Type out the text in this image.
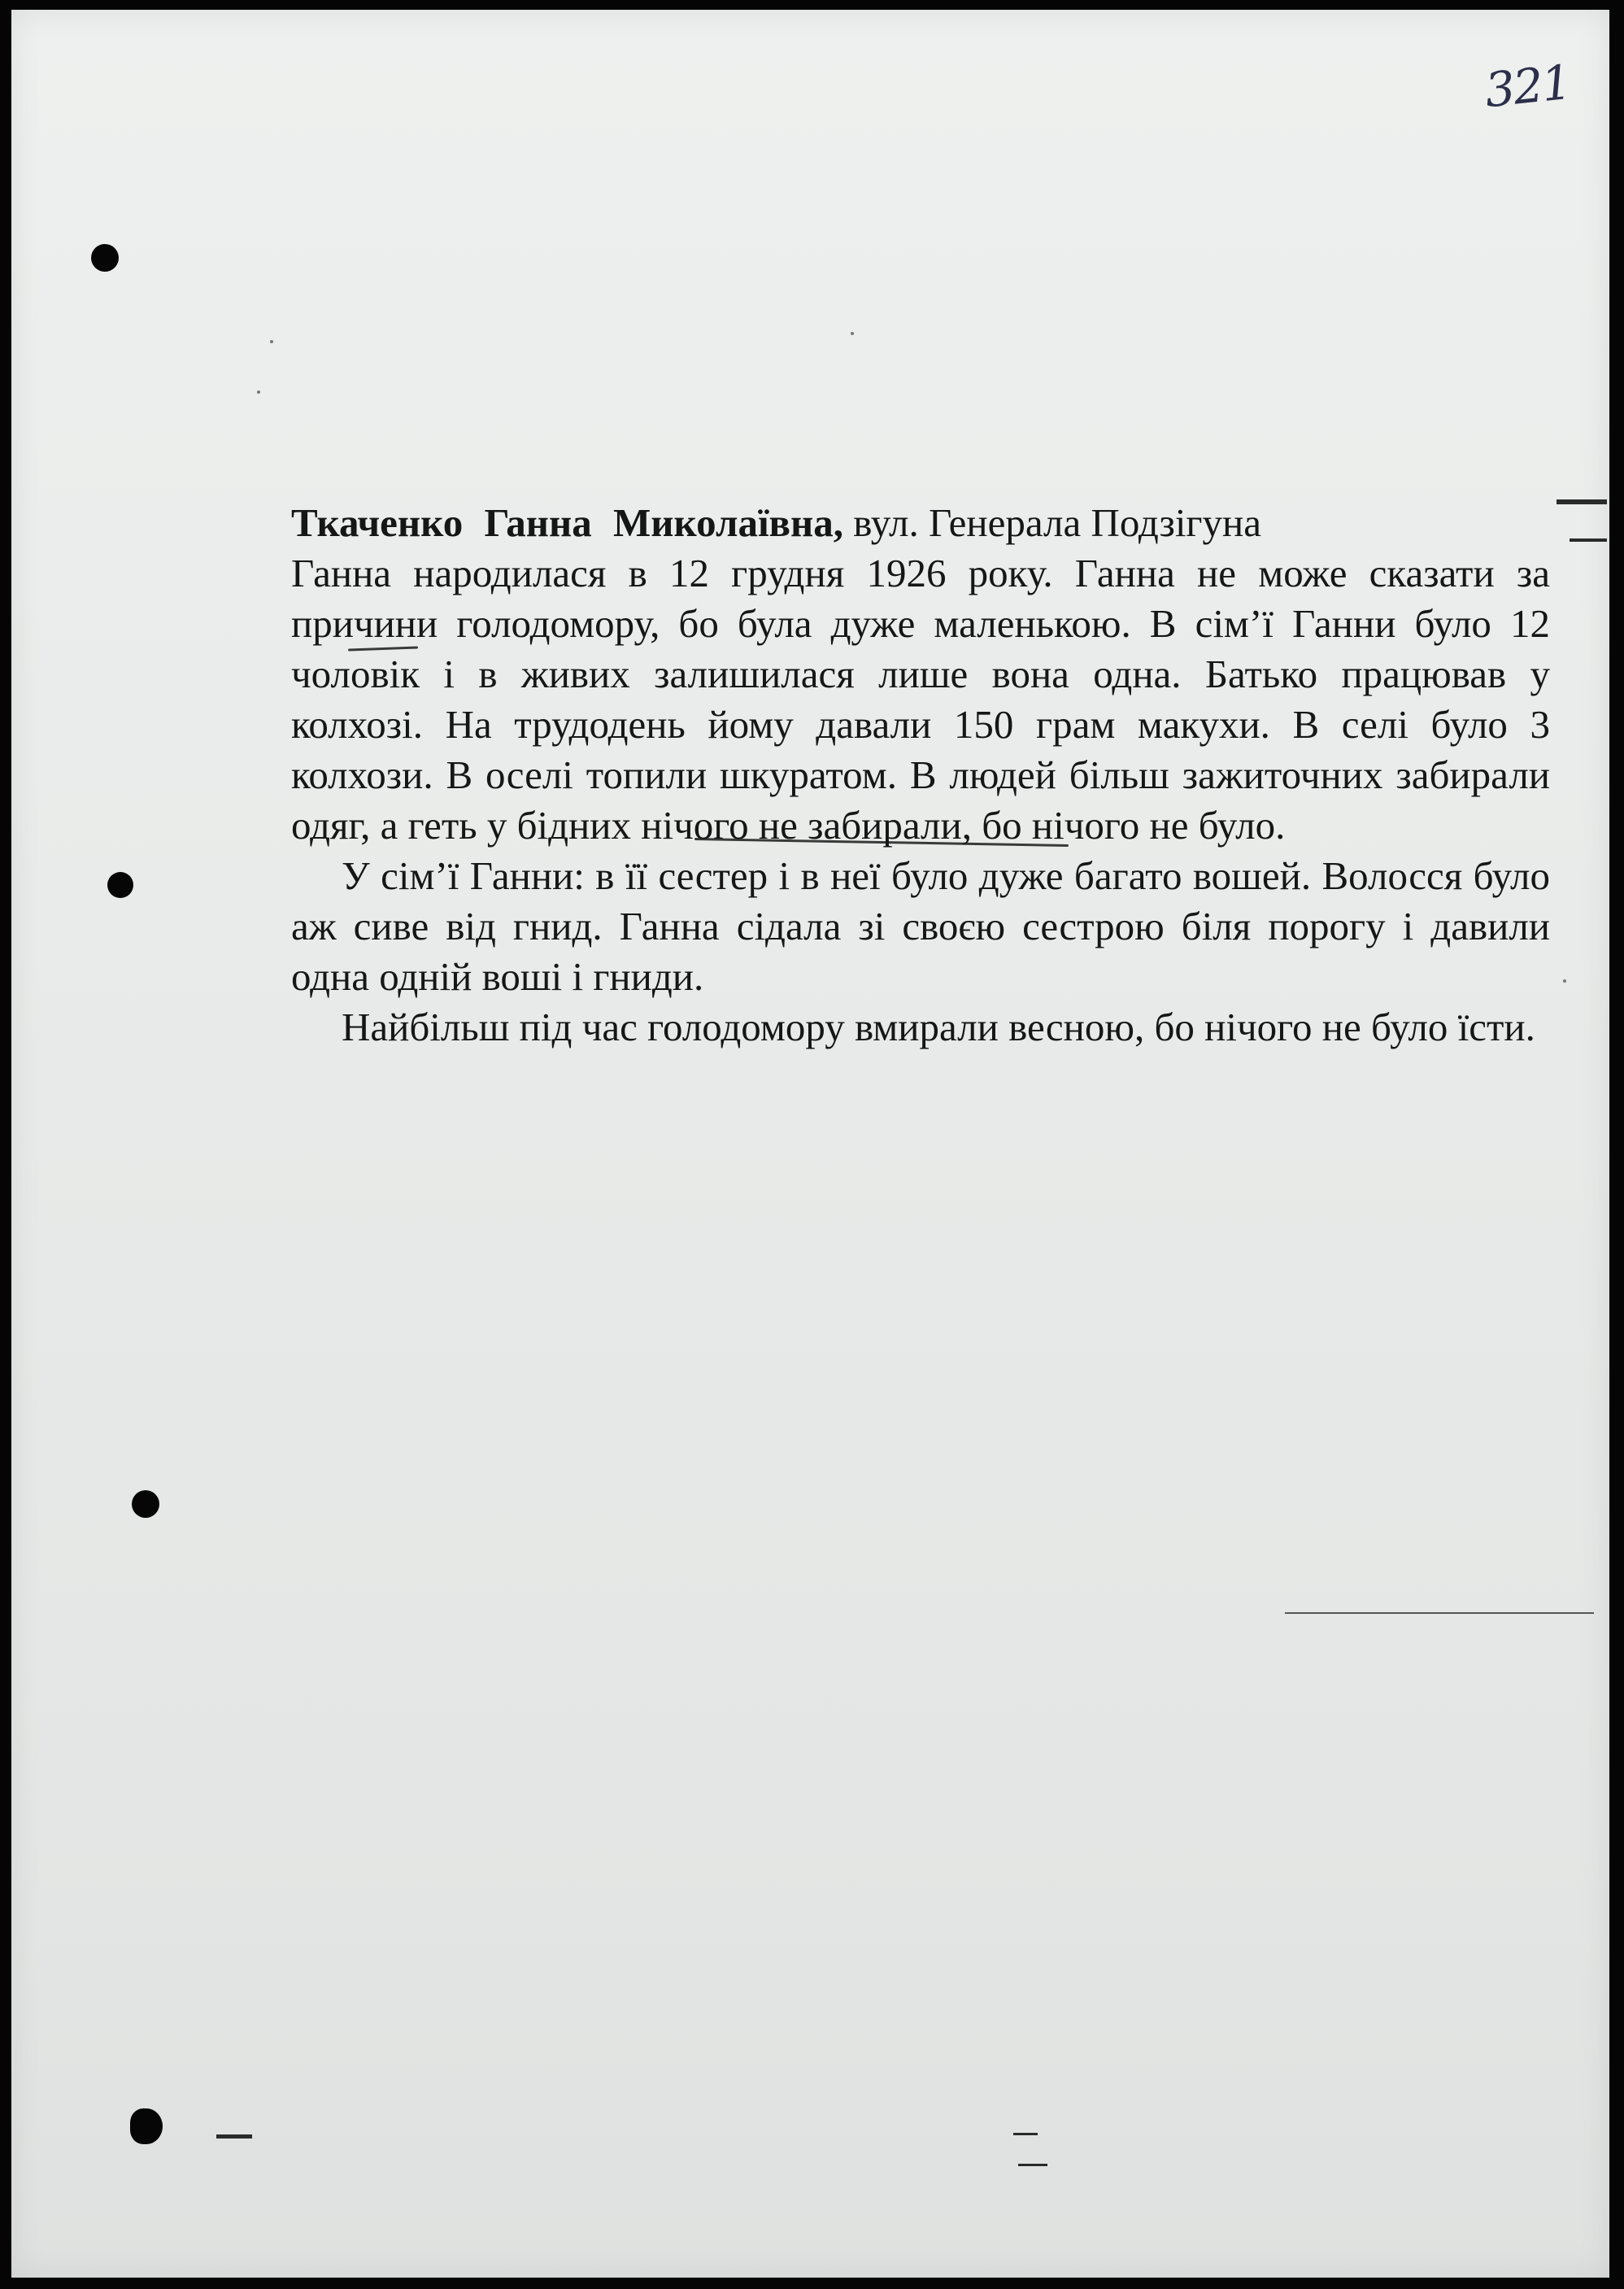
321

Ткаченко Ганна Миколаївна, вул. Генерала Подзігуна

Ганна народилася в 12 грудня 1926 року. Ганна не може сказати за причини голодомору, бо була дуже маленькою. В сім’ї Ганни було 12 чоловік і в живих залишилася лише вона одна. Батько працював у колхозі. На трудодень йому давали 150 грам макухи. В селі було 3 колхози. В оселі топили шкуратом. В людей більш зажиточних забирали одяг, а геть у бідних нічого не забирали, бо нічого не було.

У сім’ї Ганни: в її сестер і в неї було дуже багато вошей. Волосся було аж сиве від гнид. Ганна сідала зі своєю сестрою біля порогу і давили одна одній воші і гниди.

Найбільш під час голодомору вмирали весною, бо нічого не було їсти.
